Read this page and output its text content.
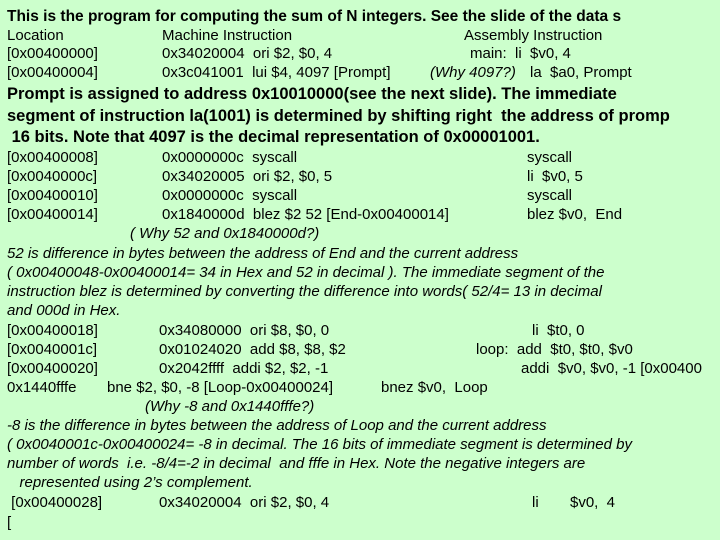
This is the program for computing the sum of N integers. See the slide of the data s
Location	Machine Instruction	Assembly Instruction
[0x00400000]	0x34020004  ori $2, $0, 4	main:  li  $v0, 4
[0x00400004]	0x3c041001  lui $4, 4097 [Prompt]	(Why 4097?) la  $a0, Prompt
Prompt is assigned to address 0x10010000(see the next slide). The immediate
segment of instruction la(1001) is determined by shifting right  the address of promp
16 bits. Note that 4097 is the decimal representation of 0x00001001.
[0x00400008]	0x0000000c  syscall	syscall
[0x0040000c]	0x34020005  ori $2, $0, 5	li  $v0, 5
[0x00400010]	0x0000000c  syscall	syscall
[0x00400014]	0x1840000d  blez $2 52 [End-0x00400014]	blez $v0,  End
( Why 52 and 0x1840000d?)
52 is difference in bytes between the address of End and the current address
( 0x00400048-0x00400014= 34 in Hex and 52 in decimal ). The immediate segment of the
instruction blez is determined by converting the difference into words( 52/4= 13 in decimal
and 000d in Hex.
[0x00400018]	0x34080000  ori $8, $0, 0	li  $t0, 0
[0x0040001c]	0x01024020  add $8, $8, $2	loop:  add  $t0, $t0, $v0
[0x00400020]	0x2042ffff  addi $2, $2, -1	addi  $v0, $v0, -1 [0x00400
0x1440fffe bne $2, $0, -8 [Loop-0x00400024]	bnez $v0,  Loop
(Why -8 and 0x1440fffe?)
-8 is the difference in bytes between the address of Loop and the current address
( 0x0040001c-0x00400024= -8 in decimal. The 16 bits of immediate segment is determined by
number of words  i.e. -8/4=-2 in decimal  and fffe in Hex. Note the negative integers are
represented using 2’s complement.
[0x00400028]	0x34020004  ori $2, $0, 4	li $v0,  4
[
